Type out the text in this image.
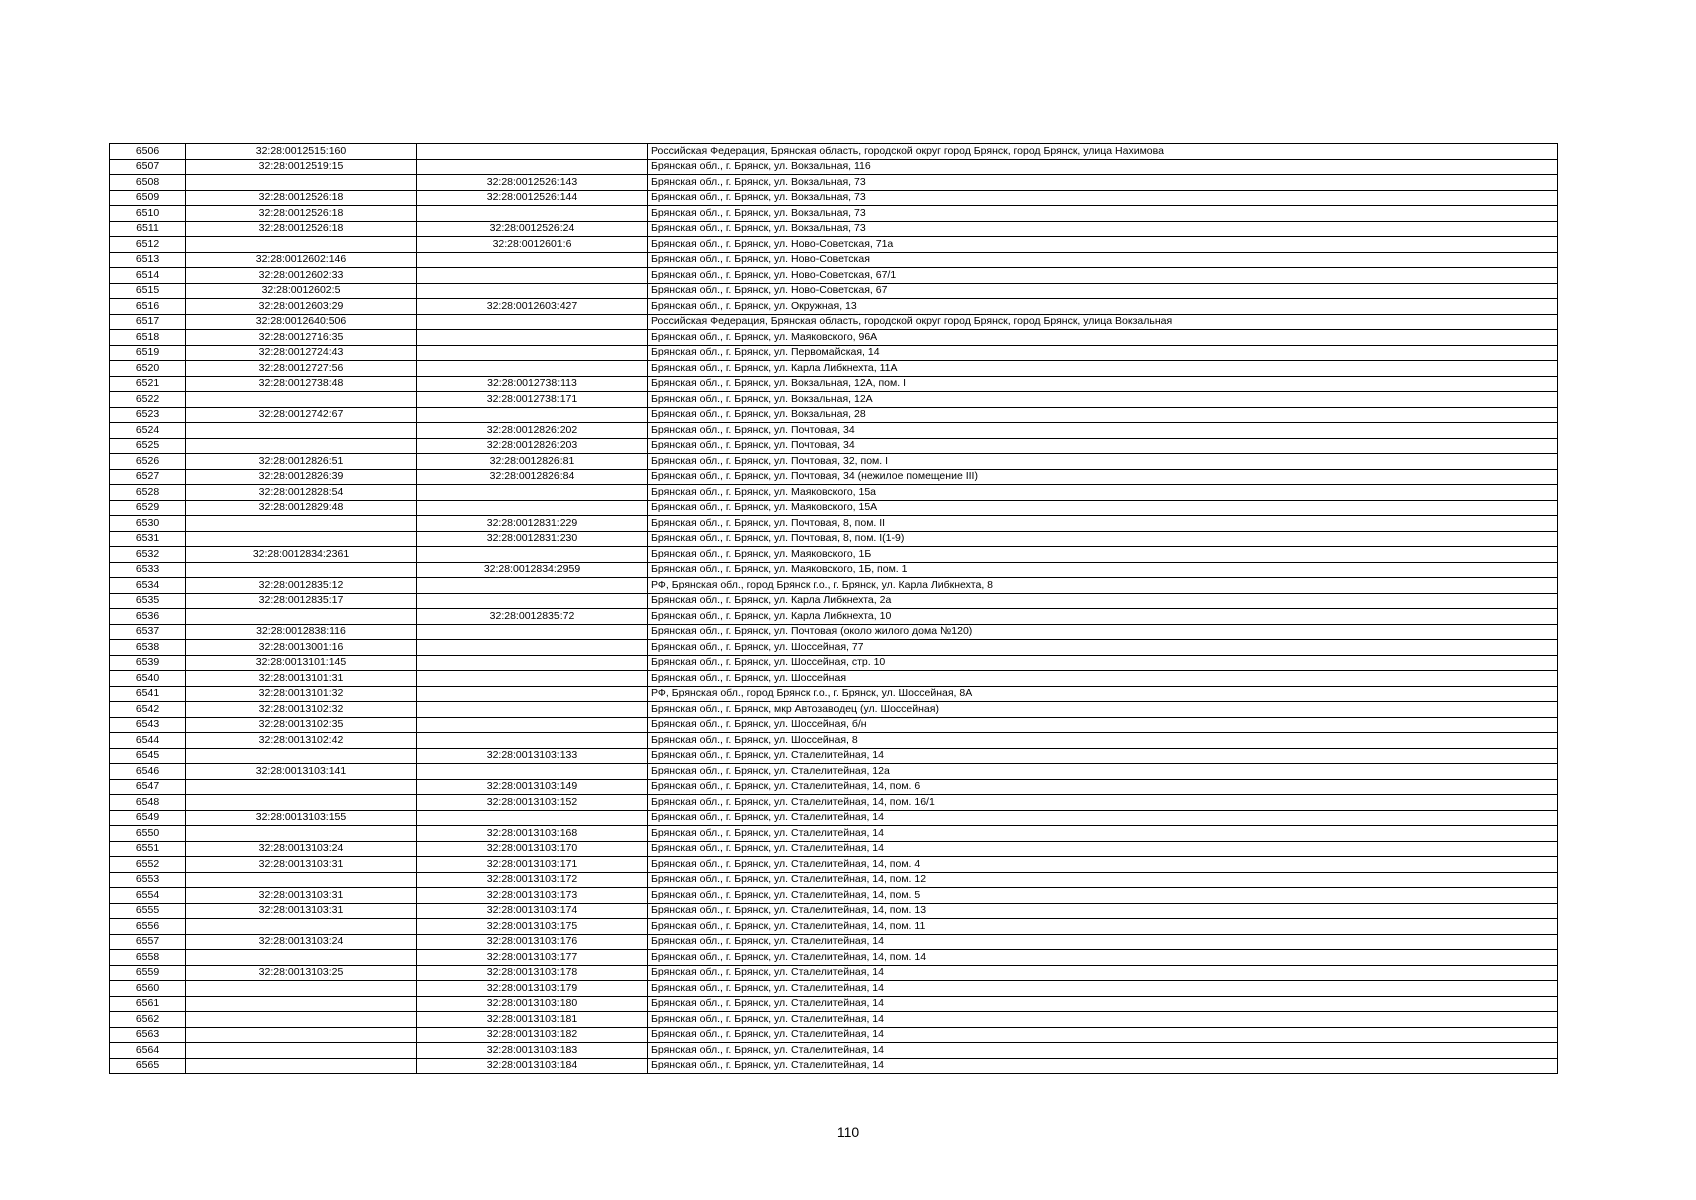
6506	32:28:0012515:160		Российская Федерация, Брянская область, городской округ город Брянск, город Брянск, улица Нахимова
6507	32:28:0012519:15		Брянская обл., г. Брянск, ул. Вокзальная, 116
6508		32:28:0012526:143	Брянская обл., г. Брянск, ул. Вокзальная, 73
6509	32:28:0012526:18	32:28:0012526:144	Брянская обл., г. Брянск, ул. Вокзальная, 73
6510	32:28:0012526:18		Брянская обл., г. Брянск, ул. Вокзальная, 73
6511	32:28:0012526:18	32:28:0012526:24	Брянская обл., г. Брянск, ул. Вокзальная, 73
6512		32:28:0012601:6	Брянская обл., г. Брянск, ул. Ново-Советская, 71а
6513	32:28:0012602:146		Брянская обл., г. Брянск, ул. Ново-Советская
6514	32:28:0012602:33		Брянская обл., г. Брянск, ул. Ново-Советская, 67/1
6515	32:28:0012602:5		Брянская обл., г. Брянск, ул. Ново-Советская, 67
6516	32:28:0012603:29	32:28:0012603:427	Брянская обл., г. Брянск, ул. Окружная, 13
6517	32:28:0012640:506		Российская Федерация, Брянская область, городской округ город Брянск, город Брянск, улица Вокзальная
6518	32:28:0012716:35		Брянская обл., г. Брянск, ул. Маяковского, 96А
6519	32:28:0012724:43		Брянская обл., г. Брянск, ул. Первомайская, 14
6520	32:28:0012727:56		Брянская обл., г. Брянск, ул. Карла Либкнехта, 11А
6521	32:28:0012738:48	32:28:0012738:113	Брянская обл., г. Брянск, ул. Вокзальная, 12А, пом. I
6522		32:28:0012738:171	Брянская обл., г. Брянск, ул. Вокзальная, 12А
6523	32:28:0012742:67		Брянская обл., г. Брянск, ул. Вокзальная, 28
6524		32:28:0012826:202	Брянская обл., г. Брянск, ул. Почтовая, 34
6525		32:28:0012826:203	Брянская обл., г. Брянск, ул. Почтовая, 34
6526	32:28:0012826:51	32:28:0012826:81	Брянская обл., г. Брянск, ул. Почтовая, 32, пом. I
6527	32:28:0012826:39	32:28:0012826:84	Брянская обл., г. Брянск, ул. Почтовая, 34 (нежилое помещение III)
6528	32:28:0012828:54		Брянская обл., г. Брянск, ул. Маяковского, 15а
6529	32:28:0012829:48		Брянская обл., г. Брянск, ул. Маяковского, 15А
6530		32:28:0012831:229	Брянская обл., г. Брянск, ул. Почтовая, 8, пом. II
6531		32:28:0012831:230	Брянская обл., г. Брянск, ул. Почтовая, 8, пом. I(1-9)
6532	32:28:0012834:2361		Брянская обл., г. Брянск, ул. Маяковского, 1Б
6533		32:28:0012834:2959	Брянская обл., г. Брянск, ул. Маяковского, 1Б, пом. 1
6534	32:28:0012835:12		РФ, Брянская обл., город Брянск г.о., г. Брянск, ул. Карла Либкнехта, 8
6535	32:28:0012835:17		Брянская обл., г. Брянск, ул. Карла Либкнехта, 2а
6536		32:28:0012835:72	Брянская обл., г. Брянск, ул. Карла Либкнехта, 10
6537	32:28:0012838:116		Брянская обл., г. Брянск, ул. Почтовая (около жилого дома №120)
6538	32:28:0013001:16		Брянская обл., г. Брянск, ул. Шоссейная, 77
6539	32:28:0013101:145		Брянская обл., г. Брянск, ул. Шоссейная, стр. 10
6540	32:28:0013101:31		Брянская обл., г. Брянск, ул. Шоссейная
6541	32:28:0013101:32		РФ, Брянская обл., город Брянск г.о., г. Брянск, ул. Шоссейная, 8А
6542	32:28:0013102:32		Брянская обл., г. Брянск, мкр Автозаводец (ул. Шоссейная)
6543	32:28:0013102:35		Брянская обл., г. Брянск, ул. Шоссейная, б/н
6544	32:28:0013102:42		Брянская обл., г. Брянск, ул. Шоссейная, 8
6545		32:28:0013103:133	Брянская обл., г. Брянск, ул. Сталелитейная, 14
6546	32:28:0013103:141		Брянская обл., г. Брянск, ул. Сталелитейная, 12а
6547		32:28:0013103:149	Брянская обл., г. Брянск, ул. Сталелитейная, 14, пом. 6
6548		32:28:0013103:152	Брянская обл., г. Брянск, ул. Сталелитейная, 14, пом. 16/1
6549	32:28:0013103:155		Брянская обл., г. Брянск, ул. Сталелитейная, 14
6550		32:28:0013103:168	Брянская обл., г. Брянск, ул. Сталелитейная, 14
6551	32:28:0013103:24	32:28:0013103:170	Брянская обл., г. Брянск, ул. Сталелитейная, 14
6552	32:28:0013103:31	32:28:0013103:171	Брянская обл., г. Брянск, ул. Сталелитейная, 14, пом. 4
6553		32:28:0013103:172	Брянская обл., г. Брянск, ул. Сталелитейная, 14, пом. 12
6554	32:28:0013103:31	32:28:0013103:173	Брянская обл., г. Брянск, ул. Сталелитейная, 14, пом. 5
6555	32:28:0013103:31	32:28:0013103:174	Брянская обл., г. Брянск, ул. Сталелитейная, 14, пом. 13
6556		32:28:0013103:175	Брянская обл., г. Брянск, ул. Сталелитейная, 14, пом. 11
6557	32:28:0013103:24	32:28:0013103:176	Брянская обл., г. Брянск, ул. Сталелитейная, 14
6558		32:28:0013103:177	Брянская обл., г. Брянск, ул. Сталелитейная, 14, пом. 14
6559	32:28:0013103:25	32:28:0013103:178	Брянская обл., г. Брянск, ул. Сталелитейная, 14
6560		32:28:0013103:179	Брянская обл., г. Брянск, ул. Сталелитейная, 14
6561		32:28:0013103:180	Брянская обл., г. Брянск, ул. Сталелитейная, 14
6562		32:28:0013103:181	Брянская обл., г. Брянск, ул. Сталелитейная, 14
6563		32:28:0013103:182	Брянская обл., г. Брянск, ул. Сталелитейная, 14
6564		32:28:0013103:183	Брянская обл., г. Брянск, ул. Сталелитейная, 14
6565		32:28:0013103:184	Брянская обл., г. Брянск, ул. Сталелитейная, 14
110
